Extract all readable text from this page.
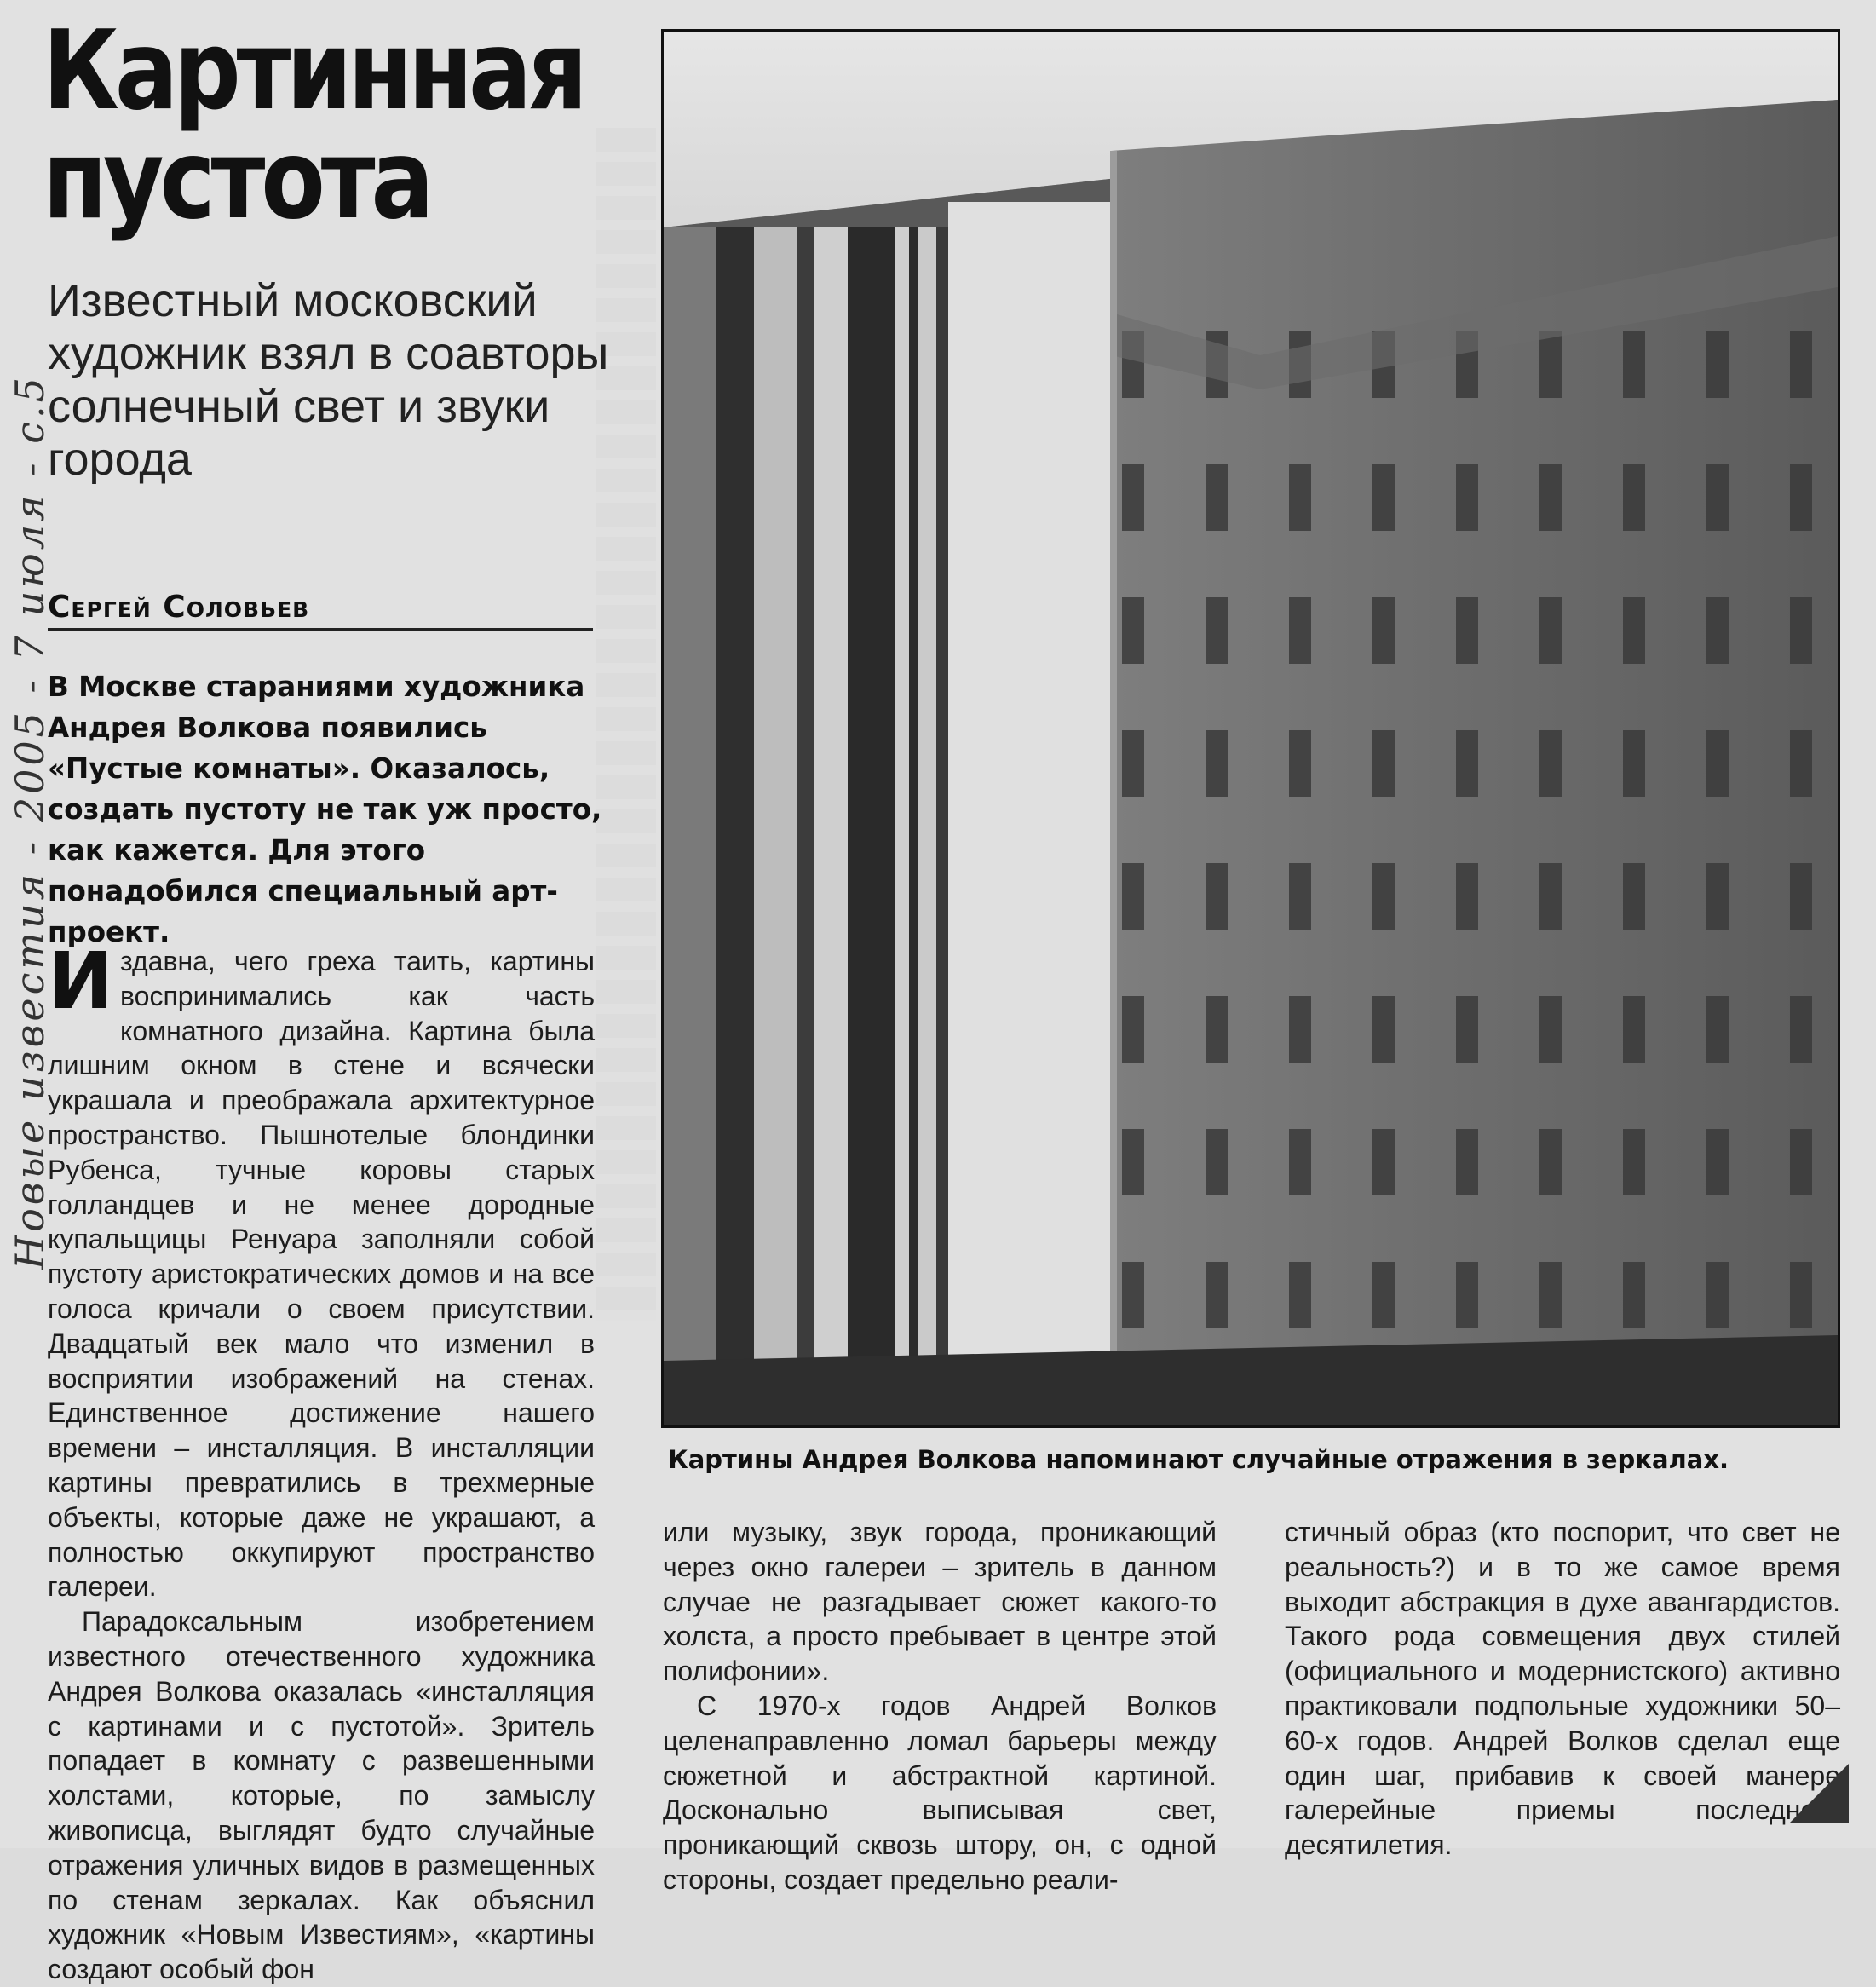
Новые известия - 2005 - 7 июля - с.5
Картинная
пустота
Известный московский художник взял в соавторы солнечный свет и звуки города
Сергей Соловьев
В Москве стараниями художника Андрея Волкова появились «Пустые комнаты». Оказалось, создать пустоту не так уж просто, как кажется. Для этого понадобился специальный арт-проект.

Издавна, чего греха таить, картины воспринимались как часть комнатного дизайна. Картина была лишним окном в стене и всячески украшала и преображала архитектурное пространство. Пышнотелые блондинки Рубенса, тучные коровы старых голландцев и не менее дородные купальщицы Ренуара заполняли собой пустоту аристократических домов и на все голоса кричали о своем присутствии. Двадцатый век мало что изменил в восприятии изображений на стенах. Единственное достижение нашего времени – инсталляция. В инсталляции картины превратились в трехмерные объекты, которые даже не украшают, а полностью оккупируют пространство галереи.

Парадоксальным изобретением известного отечественного художника Андрея Волкова оказалась «инсталляция с картинами и с пустотой». Зритель попадает в комнату с развешенными холстами, которые, по замыслу живописца, выглядят будто случайные отражения уличных видов в размещенных по стенам зеркалах. Как объяснил художник «Новым Известиям», «картины создают особый фон

Картины Андрея Волкова напоминают случайные отражения в зеркалах.

или музыку, звук города, проникающий через окно галереи – зритель в данном случае не разгадывает сюжет какого-то холста, а просто пребывает в центре этой полифонии».

С 1970-х годов Андрей Волков целенаправленно ломал барьеры между сюжетной и абстрактной картиной. Досконально выписывая свет, проникающий сквозь штору, он, с одной стороны, создает предельно реали-

стичный образ (кто поспорит, что свет не реальность?) и в то же самое время выходит абстракция в духе авангардистов. Такого рода совмещения двух стилей (официального и модернистского) активно практиковали подпольные художники 50–60-х годов. Андрей Волков сделал еще один шаг, прибавив к своей манере галерейные приемы последнего десятилетия.
